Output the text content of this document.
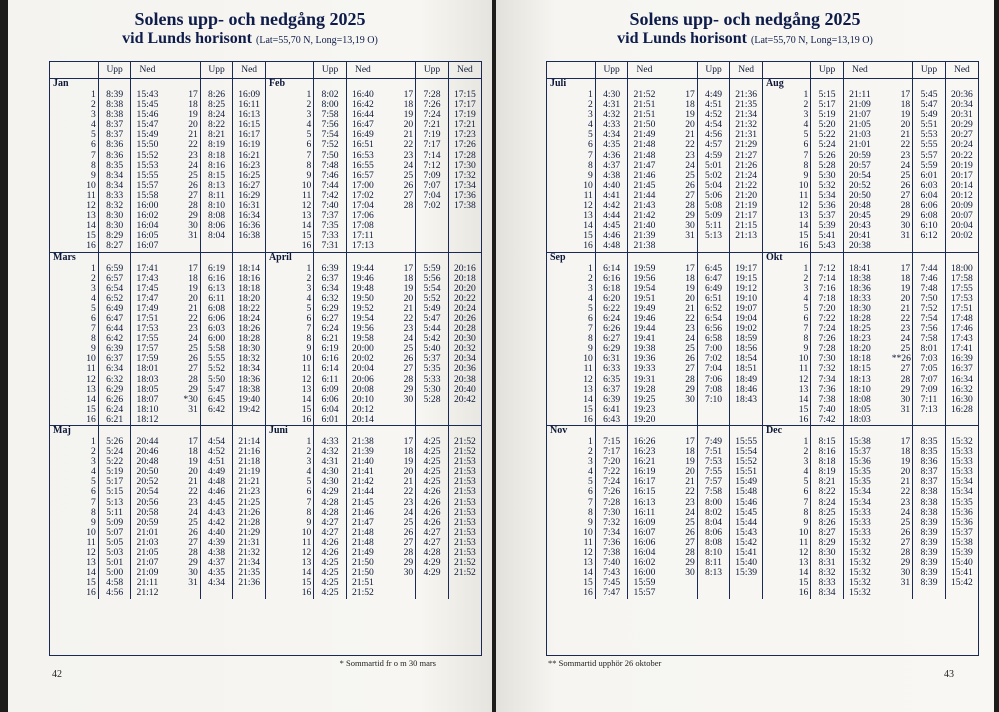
Solens upp- och nedgång 2025
vid Lunds horisont (Lat=55,70 N, Long=13,19 O)
		Upp	Ned			Upp	Ned			Upp	Ned			Upp	Ned
Jan								Feb							
	1	8:39	15:43		17	8:26	16:09		1	8:02	16:40		17	7:28	17:15
	2	8:38	15:45		18	8:25	16:11		2	8:00	16:42		18	7:26	17:17
	3	8:38	15:46		19	8:24	16:13		3	7:58	16:44		19	7:24	17:19
	4	8:37	15:47		20	8:22	16:15		4	7:56	16:47		20	7:21	17:21
	5	8:37	15:49		21	8:21	16:17		5	7:54	16:49		21	7:19	17:23
	6	8:36	15:50		22	8:19	16:19		6	7:52	16:51		22	7:17	17:26
	7	8:36	15:52		23	8:18	16:21		7	7:50	16:53		23	7:14	17:28
	8	8:35	15:53		24	8:16	16:23		8	7:48	16:55		24	7:12	17:30
	9	8:34	15:55		25	8:15	16:25		9	7:46	16:57		25	7:09	17:32
	10	8:34	15:57		26	8:13	16:27		10	7:44	17:00		26	7:07	17:34
	11	8:33	15:58		27	8:11	16:29		11	7:42	17:02		27	7:04	17:36
	12	8:32	16:00		28	8:10	16:31		12	7:40	17:04		28	7:02	17:38
	13	8:30	16:02		29	8:08	16:34		13	7:37	17:06				
	14	8:30	16:04		30	8:06	16:36		14	7:35	17:08				
	15	8:29	16:05		31	8:04	16:38		15	7:33	17:11				
	16	8:27	16:07						16	7:31	17:13				
Mars								April							
	1	6:59	17:41		17	6:19	18:14		1	6:39	19:44		17	5:59	20:16
	2	6:57	17:43		18	6:16	18:16		2	6:37	19:46		18	5:56	20:18
	3	6:54	17:45		19	6:13	18:18		3	6:34	19:48		19	5:54	20:20
	4	6:52	17:47		20	6:11	18:20		4	6:32	19:50		20	5:52	20:22
	5	6:49	17:49		21	6:08	18:22		5	6:29	19:52		21	5:49	20:24
	6	6:47	17:51		22	6:06	18:24		6	6:27	19:54		22	5:47	20:26
	7	6:44	17:53		23	6:03	18:26		7	6:24	19:56		23	5:44	20:28
	8	6:42	17:55		24	6:00	18:28		8	6:21	19:58		24	5:42	20:30
	9	6:39	17:57		25	5:58	18:30		9	6:19	20:00		25	5:40	20:32
	10	6:37	17:59		26	5:55	18:32		10	6:16	20:02		26	5:37	20:34
	11	6:34	18:01		27	5:52	18:34		11	6:14	20:04		27	5:35	20:36
	12	6:32	18:03		28	5:50	18:36		12	6:11	20:06		28	5:33	20:38
	13	6:29	18:05		29	5:47	18:38		13	6:09	20:08		29	5:30	20:40
	14	6:26	18:07		*30	6:45	19:40		14	6:06	20:10		30	5:28	20:42
	15	6:24	18:10		31	6:42	19:42		15	6:04	20:12				
	16	6:21	18:12						16	6:01	20:14				
Maj								Juni							
	1	5:26	20:44		17	4:54	21:14		1	4:33	21:38		17	4:25	21:52
	2	5:24	20:46		18	4:52	21:16		2	4:32	21:39		18	4:25	21:52
	3	5:22	20:48		19	4:51	21:18		3	4:31	21:40		19	4:25	21:53
	4	5:19	20:50		20	4:49	21:19		4	4:30	21:41		20	4:25	21:53
	5	5:17	20:52		21	4:48	21:21		5	4:30	21:42		21	4:25	21:53
	6	5:15	20:54		22	4:46	21:23		6	4:29	21:44		22	4:26	21:53
	7	5:13	20:56		23	4:45	21:25		7	4:28	21:45		23	4:26	21:53
	8	5:11	20:58		24	4:43	21:26		8	4:28	21:46		24	4:26	21:53
	9	5:09	20:59		25	4:42	21:28		9	4:27	21:47		25	4:26	21:53
	10	5:07	21:01		26	4:40	21:29		10	4:27	21:48		26	4:27	21:53
	11	5:05	21:03		27	4:39	21:31		11	4:26	21:48		27	4:27	21:53
	12	5:03	21:05		28	4:38	21:32		12	4:26	21:49		28	4:28	21:53
	13	5:01	21:07		29	4:37	21:34		13	4:25	21:50		29	4:29	21:52
	14	5:00	21:09		30	4:35	21:35		14	4:25	21:50		30	4:29	21:52
	15	4:58	21:11		31	4:34	21:36		15	4:25	21:51				
	16	4:56	21:12						16	4:25	21:52				
* Sommartid fr o m 30 mars
42
Solens upp- och nedgång 2025
vid Lunds horisont (Lat=55,70 N, Long=13,19 O)
		Upp	Ned			Upp	Ned			Upp	Ned			Upp	Ned
Juli								Aug							
	1	4:30	21:52		17	4:49	21:36		1	5:15	21:11		17	5:45	20:36
	2	4:31	21:51		18	4:51	21:35		2	5:17	21:09		18	5:47	20:34
	3	4:32	21:51		19	4:52	21:34		3	5:19	21:07		19	5:49	20:31
	4	4:33	21:50		20	4:54	21:32		4	5:20	21:05		20	5:51	20:29
	5	4:34	21:49		21	4:56	21:31		5	5:22	21:03		21	5:53	20:27
	6	4:35	21:48		22	4:57	21:29		6	5:24	21:01		22	5:55	20:24
	7	4:36	21:48		23	4:59	21:27		7	5:26	20:59		23	5:57	20:22
	8	4:37	21:47		24	5:01	21:26		8	5:28	20:57		24	5:59	20:19
	9	4:38	21:46		25	5:02	21:24		9	5:30	20:54		25	6:01	20:17
	10	4:40	21:45		26	5:04	21:22		10	5:32	20:52		26	6:03	20:14
	11	4:41	21:44		27	5:06	21:20		11	5:34	20:50		27	6:04	20:12
	12	4:42	21:43		28	5:08	21:19		12	5:36	20:48		28	6:06	20:09
	13	4:44	21:42		29	5:09	21:17		13	5:37	20:45		29	6:08	20:07
	14	4:45	21:40		30	5:11	21:15		14	5:39	20:43		30	6:10	20:04
	15	4:46	21:39		31	5:13	21:13		15	5:41	20:41		31	6:12	20:02
	16	4:48	21:38						16	5:43	20:38				
Sep								Okt							
	1	6:14	19:59		17	6:45	19:17		1	7:12	18:41		17	7:44	18:00
	2	6:16	19:56		18	6:47	19:15		2	7:14	18:38		18	7:46	17:58
	3	6:18	19:54		19	6:49	19:12		3	7:16	18:36		19	7:48	17:55
	4	6:20	19:51		20	6:51	19:10		4	7:18	18:33		20	7:50	17:53
	5	6:22	19:49		21	6:52	19:07		5	7:20	18:30		21	7:52	17:51
	6	6:24	19:46		22	6:54	19:04		6	7:22	18:28		22	7:54	17:48
	7	6:26	19:44		23	6:56	19:02		7	7:24	18:25		23	7:56	17:46
	8	6:27	19:41		24	6:58	18:59		8	7:26	18:23		24	7:58	17:43
	9	6:29	19:38		25	7:00	18:56		9	7:28	18:20		25	8:01	17:41
	10	6:31	19:36		26	7:02	18:54		10	7:30	18:18		**26	7:03	16:39
	11	6:33	19:33		27	7:04	18:51		11	7:32	18:15		27	7:05	16:37
	12	6:35	19:31		28	7:06	18:49		12	7:34	18:13		28	7:07	16:34
	13	6:37	19:28		29	7:08	18:46		13	7:36	18:10		29	7:09	16:32
	14	6:39	19:25		30	7:10	18:43		14	7:38	18:08		30	7:11	16:30
	15	6:41	19:23						15	7:40	18:05		31	7:13	16:28
	16	6:43	19:20						16	7:42	18:03				
Nov								Dec							
	1	7:15	16:26		17	7:49	15:55		1	8:15	15:38		17	8:35	15:32
	2	7:17	16:23		18	7:51	15:54		2	8:16	15:37		18	8:35	15:33
	3	7:20	16:21		19	7:53	15:52		3	8:18	15:36		19	8:36	15:33
	4	7:22	16:19		20	7:55	15:51		4	8:19	15:35		20	8:37	15:33
	5	7:24	16:17		21	7:57	15:49		5	8:21	15:35		21	8:37	15:34
	6	7:26	16:15		22	7:58	15:48		6	8:22	15:34		22	8:38	15:34
	7	7:28	16:13		23	8:00	15:46		7	8:24	15:34		23	8:38	15:35
	8	7:30	16:11		24	8:02	15:45		8	8:25	15:33		24	8:38	15:36
	9	7:32	16:09		25	8:04	15:44		9	8:26	15:33		25	8:39	15:36
	10	7:34	16:07		26	8:06	15:43		10	8:27	15:33		26	8:39	15:37
	11	7:36	16:06		27	8:08	15:42		11	8:29	15:32		27	8:39	15:38
	12	7:38	16:04		28	8:10	15:41		12	8:30	15:32		28	8:39	15:39
	13	7:40	16:02		29	8:11	15:40		13	8:31	15:32		29	8:39	15:40
	14	7:43	16:00		30	8:13	15:39		14	8:32	15:32		30	8:39	15:41
	15	7:45	15:59						15	8:33	15:32		31	8:39	15:42
	16	7:47	15:57						16	8:34	15:32				
** Sommartid upphör 26 oktober
43
